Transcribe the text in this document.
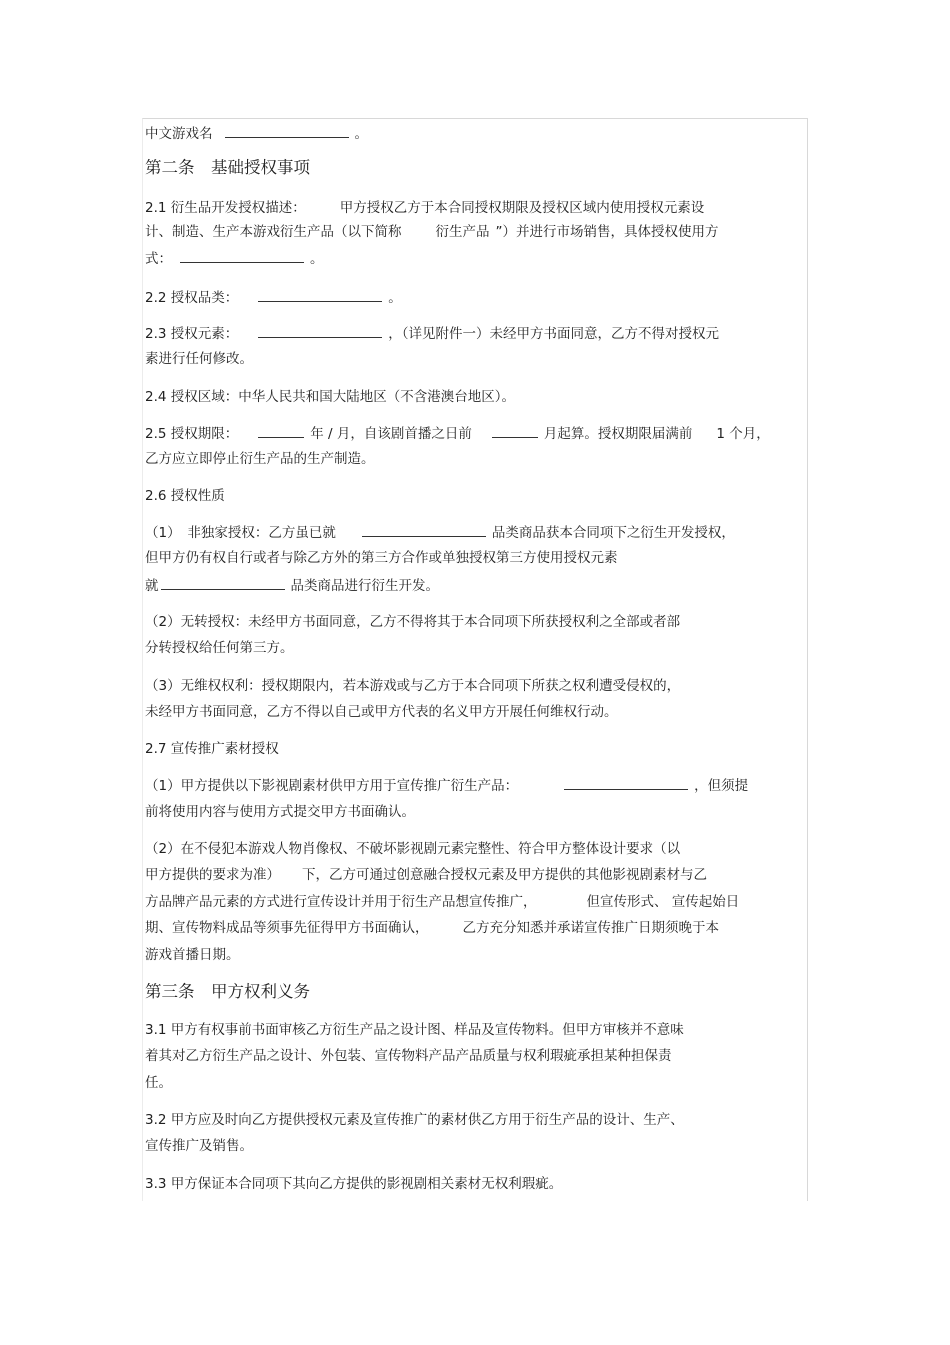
中文游戏名	。
第二条　基础授权事项
2.1 衍生品开发授权描述：	甲方授权乙方于本合同授权期限及授权区域内使用授权元素设
计、制造、生产本游戏衍生产品（以下简称	衍生产品 ”）并进行市场销售，具体授权使用方
式：	。
2.2 授权品类：	。
2.3 授权元素：	，（详见附件一）未经甲方书面同意，乙方不得对授权元
素进行任何修改。
2.4 授权区域：中华人民共和国大陆地区（不含港澳台地区）。
2.5 授权期限：	年 / 月，自该剧首播之日前	月起算。授权期限届满前 1 个月，
乙方应立即停止衍生产品的生产制造。
2.6 授权性质
（1）　非独家授权：乙方虽已就	品类商品获本合同项下之衍生开发授权，
但甲方仍有权自行或者与除乙方外的第三方合作或单独授权第三方使用授权元素
就	品类商品进行衍生开发。
（2）无转授权：未经甲方书面同意，乙方不得将其于本合同项下所获授权利之全部或者部
分转授权给任何第三方。
（3）无维权权利：授权期限内，若本游戏或与乙方于本合同项下所获之权利遭受侵权的，
未经甲方书面同意，乙方不得以自己或甲方代表的名义甲方开展任何维权行动。
2.7 宣传推广素材授权
（1）甲方提供以下影视剧素材供甲方用于宣传推广衍生产品：	，但须提
前将使用内容与使用方式提交甲方书面确认。
（2）在不侵犯本游戏人物肖像权、不破坏影视剧元素完整性、符合甲方整体设计要求（以
甲方提供的要求为准） 下，乙方可通过创意融合授权元素及甲方提供的其他影视剧素材与乙
方品牌产品元素的方式进行宣传设计并用于衍生产品想宣传推广，	但宣传形式、 宣传起始日
期、宣传物料成品等须事先征得甲方书面确认，	乙方充分知悉并承诺宣传推广日期须晚于本
游戏首播日期。
第三条　甲方权利义务
3.1 甲方有权事前书面审核乙方衍生产品之设计图、样品及宣传物料。但甲方审核并不意味
着其对乙方衍生产品之设计、外包装、宣传物料产品产品质量与权利瑕疵承担某种担保责
任。
3.2 甲方应及时向乙方提供授权元素及宣传推广的素材供乙方用于衍生产品的设计、生产、
宣传推广及销售。
3.3 甲方保证本合同项下其向乙方提供的影视剧相关素材无权利瑕疵。
